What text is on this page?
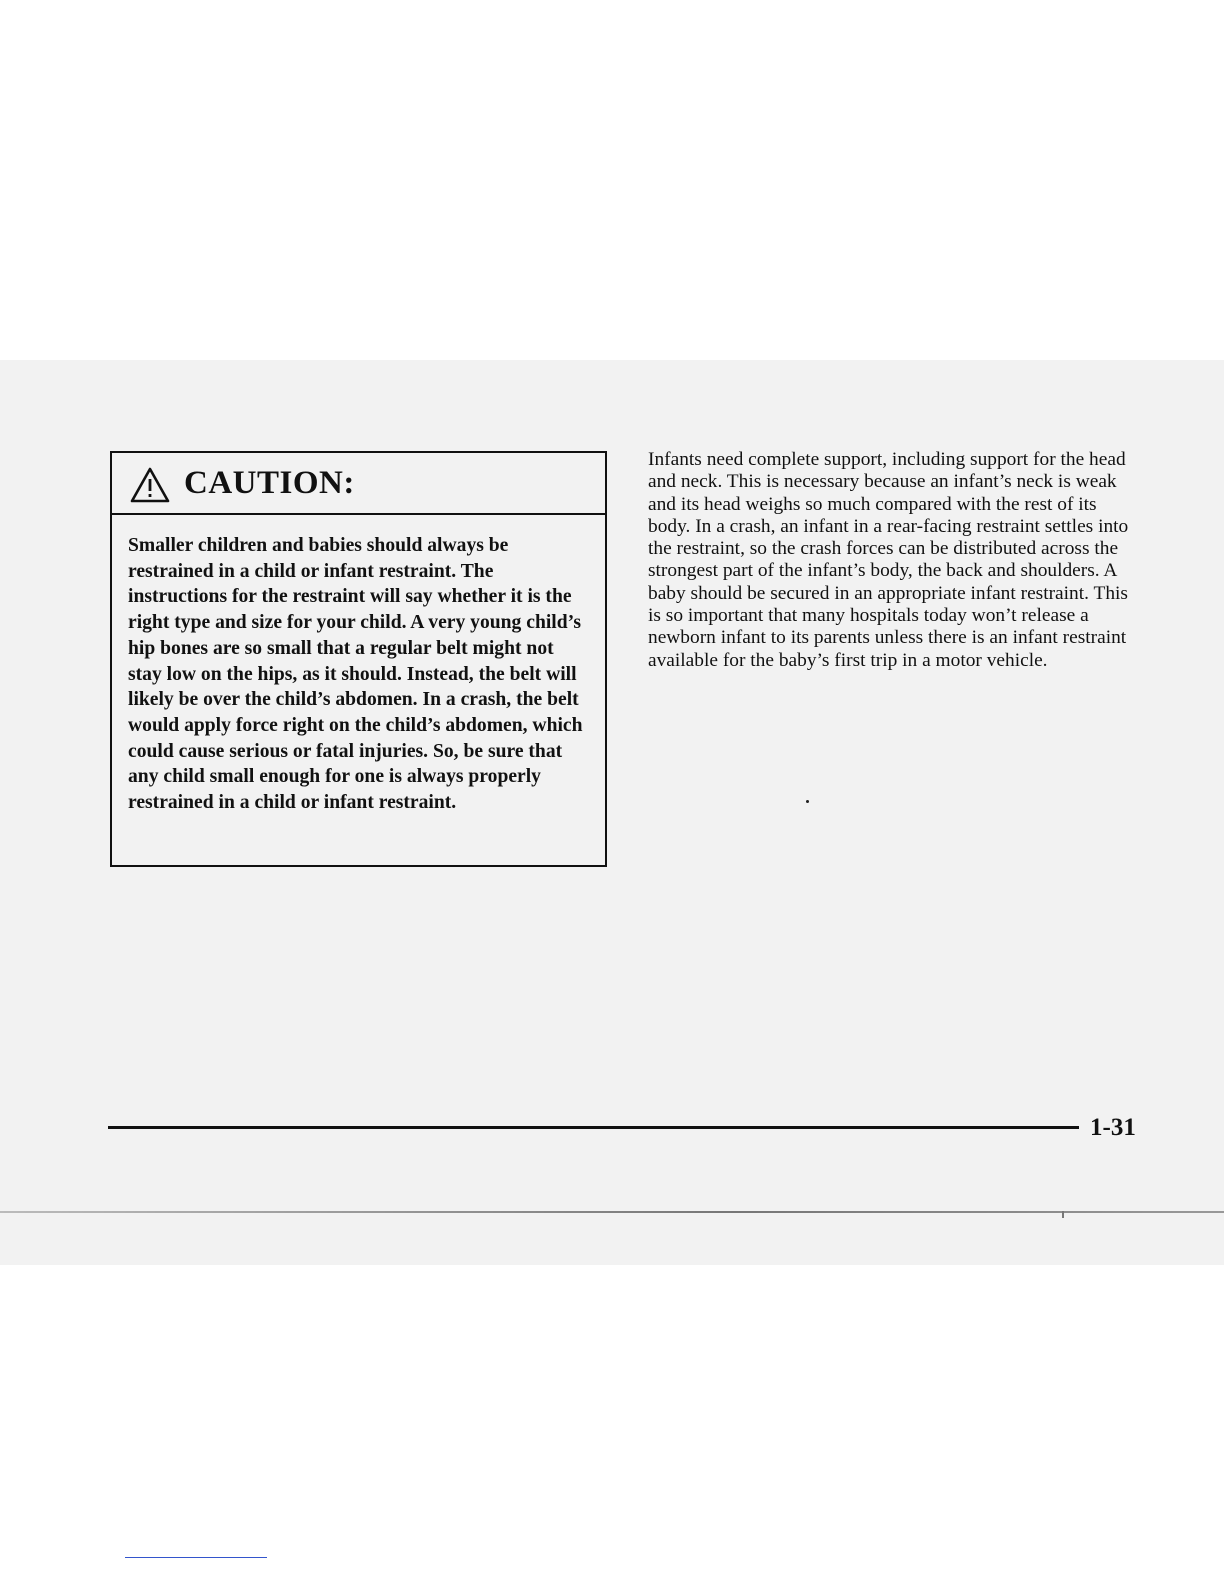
CAUTION:
Smaller children and babies should always be restrained in a child or infant restraint. The instructions for the restraint will say whether it is the right type and size for your child. A very young child’s hip bones are so small that a regular belt might not stay low on the hips, as it should. Instead, the belt will likely be over the child’s abdomen. In a crash, the belt would apply force right on the child’s abdomen, which could cause serious or fatal injuries. So, be sure that any child small enough for one is always properly restrained in a child or infant restraint.
Infants need complete support, including support for the head and neck. This is necessary because an infant’s neck is weak and its head weighs so much compared with the rest of its body. In a crash, an infant in a rear-facing restraint settles into the restraint, so the crash forces can be distributed across the strongest part of the infant’s body, the back and shoulders. A baby should be secured in an appropriate infant restraint. This is so important that many hospitals today won’t release a newborn infant to its parents unless there is an infant restraint available for the baby’s first trip in a motor vehicle.
1-31
